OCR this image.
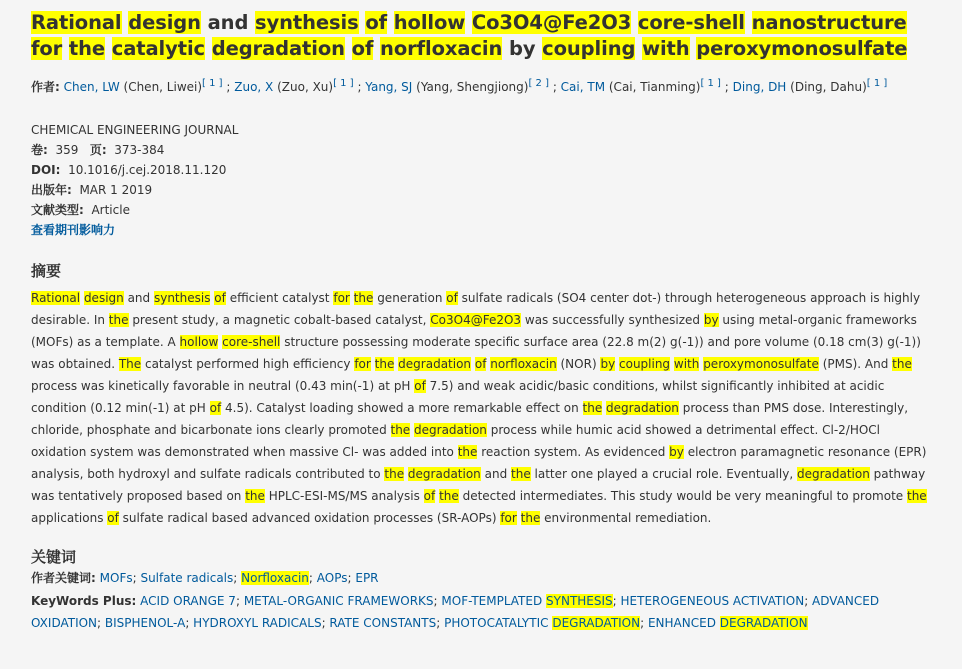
Rational design and synthesis of hollow Co3O4@Fe2O3 core-shell nanostructure for the catalytic degradation of norfloxacin by coupling with peroxymonosulfate
作者: Chen, LW (Chen, Liwei)[ 1 ] ; Zuo, X (Zuo, Xu)[ 1 ] ; Yang, SJ (Yang, Shengjiong)[ 2 ] ; Cai, TM (Cai, Tianming)[ 1 ] ; Ding, DH (Ding, Dahu)[ 1 ]
CHEMICAL ENGINEERING JOURNAL
卷: 359 页: 373-384
DOI: 10.1016/j.cej.2018.11.120
出版年: MAR 1 2019
文献类型: Article
查看期刊影响力
摘要
Rational design and synthesis of efficient catalyst for the generation of sulfate radicals (SO4 center dot-) through heterogeneous approach is highly desirable. In the present study, a magnetic cobalt-based catalyst, Co3O4@Fe2O3 was successfully synthesized by using metal-organic frameworks (MOFs) as a template. A hollow core-shell structure possessing moderate specific surface area (22.8 m(2) g(-1)) and pore volume (0.18 cm(3) g(-1)) was obtained. The catalyst performed high efficiency for the degradation of norfloxacin (NOR) by coupling with peroxymonosulfate (PMS). And the process was kinetically favorable in neutral (0.43 min(-1) at pH of 7.5) and weak acidic/basic conditions, whilst significantly inhibited at acidic condition (0.12 min(-1) at pH of 4.5). Catalyst loading showed a more remarkable effect on the degradation process than PMS dose. Interestingly, chloride, phosphate and bicarbonate ions clearly promoted the degradation process while humic acid showed a detrimental effect. Cl-2/HOCl oxidation system was demonstrated when massive Cl- was added into the reaction system. As evidenced by electron paramagnetic resonance (EPR) analysis, both hydroxyl and sulfate radicals contributed to the degradation and the latter one played a crucial role. Eventually, degradation pathway was tentatively proposed based on the HPLC-ESI-MS/MS analysis of the detected intermediates. This study would be very meaningful to promote the applications of sulfate radical based advanced oxidation processes (SR-AOPs) for the environmental remediation.
关键词
作者关键词: MOFs; Sulfate radicals; Norfloxacin; AOPs; EPR
KeyWords Plus: ACID ORANGE 7; METAL-ORGANIC FRAMEWORKS; MOF-TEMPLATED SYNTHESIS; HETEROGENEOUS ACTIVATION; ADVANCED OXIDATION; BISPHENOL-A; HYDROXYL RADICALS; RATE CONSTANTS; PHOTOCATALYTIC DEGRADATION; ENHANCED DEGRADATION
